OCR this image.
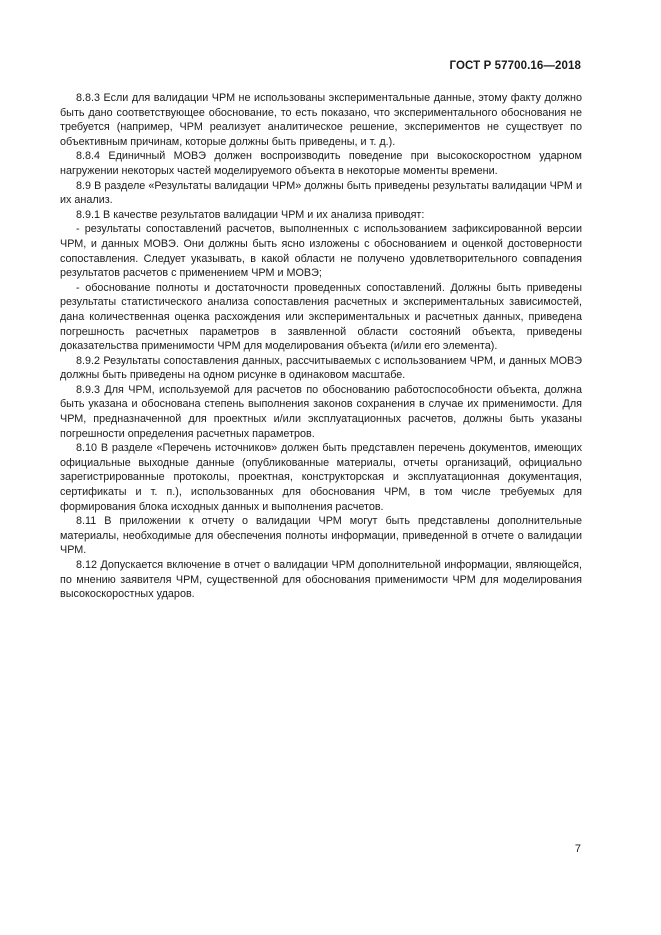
ГОСТ Р 57700.16—2018

8.8.3 Если для валидации ЧРМ не использованы экспериментальные данные, этому факту должно быть дано соответствующее обоснование, то есть показано, что экспериментального обоснования не требуется (например, ЧРМ реализует аналитическое решение, экспериментов не существует по объективным причинам, которые должны быть приведены, и т. д.).

8.8.4 Единичный МОВЭ должен воспроизводить поведение при высокоскоростном ударном нагружении некоторых частей моделируемого объекта в некоторые моменты времени.

8.9 В разделе «Результаты валидации ЧРМ» должны быть приведены результаты валидации ЧРМ и их анализ.

8.9.1 В качестве результатов валидации ЧРМ и их анализа приводят:

- результаты сопоставлений расчетов, выполненных с использованием зафиксированной версии ЧРМ, и данных МОВЭ. Они должны быть ясно изложены с обоснованием и оценкой достоверности сопоставления. Следует указывать, в какой области не получено удовлетворительного совпадения результатов расчетов с применением ЧРМ и МОВЭ;

- обоснование полноты и достаточности проведенных сопоставлений. Должны быть приведены результаты статистического анализа сопоставления расчетных и экспериментальных зависимостей, дана количественная оценка расхождения или экспериментальных и расчетных данных, приведена погрешность расчетных параметров в заявленной области состояний объекта, приведены доказательства применимости ЧРМ для моделирования объекта (и/или его элемента).

8.9.2 Результаты сопоставления данных, рассчитываемых с использованием ЧРМ, и данных МОВЭ должны быть приведены на одном рисунке в одинаковом масштабе.

8.9.3 Для ЧРМ, используемой для расчетов по обоснованию работоспособности объекта, должна быть указана и обоснована степень выполнения законов сохранения в случае их применимости. Для ЧРМ, предназначенной для проектных и/или эксплуатационных расчетов, должны быть указаны погрешности определения расчетных параметров.

8.10 В разделе «Перечень источников» должен быть представлен перечень документов, имеющих официальные выходные данные (опубликованные материалы, отчеты организаций, официально зарегистрированные протоколы, проектная, конструкторская и эксплуатационная документация, сертификаты и т. п.), использованных для обоснования ЧРМ, в том числе требуемых для формирования блока исходных данных и выполнения расчетов.

8.11 В приложении к отчету о валидации ЧРМ могут быть представлены дополнительные материалы, необходимые для обеспечения полноты информации, приведенной в отчете о валидации ЧРМ.

8.12 Допускается включение в отчет о валидации ЧРМ дополнительной информации, являющейся, по мнению заявителя ЧРМ, существенной для обоснования применимости ЧРМ для моделирования высокоскоростных ударов.

7
